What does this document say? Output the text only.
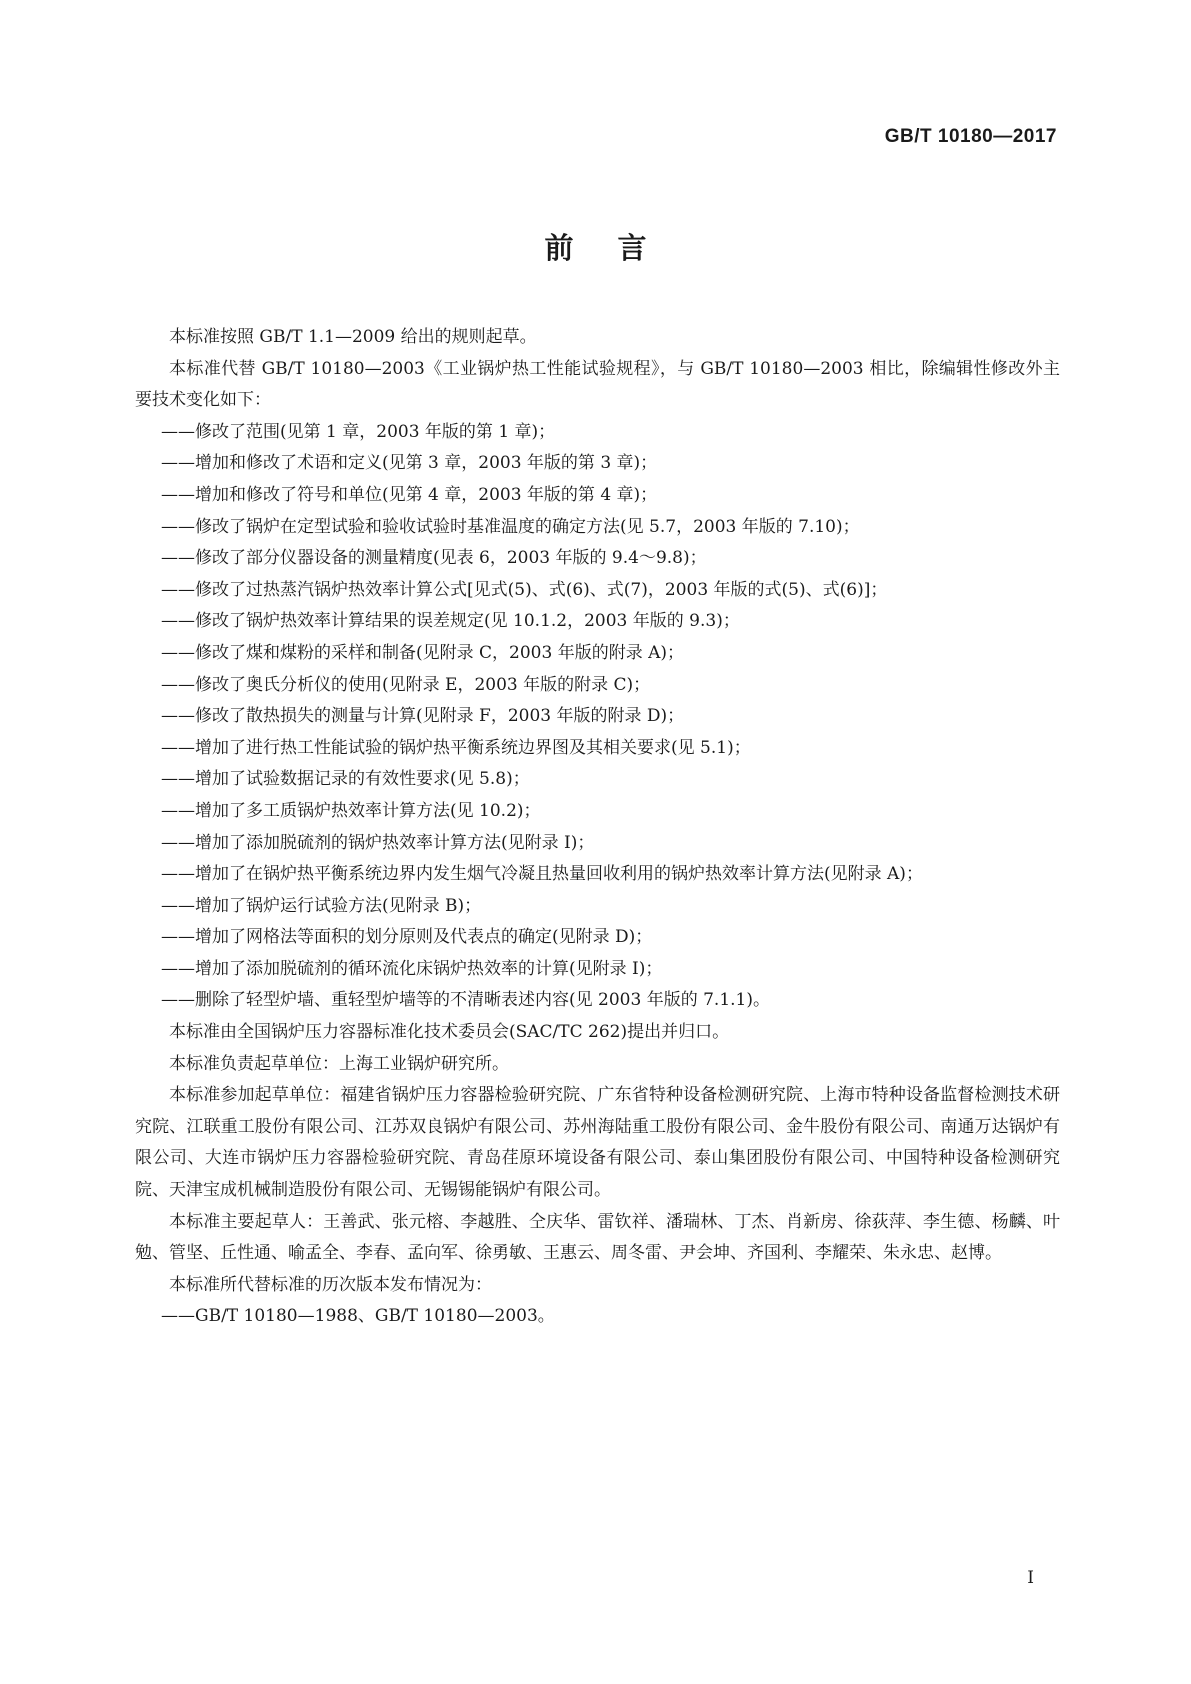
GB/T 10180—2017
前言

本标准按照 GB/T 1.1—2009 给出的规则起草。

本标准代替 GB/T 10180—2003《工业锅炉热工性能试验规程》，与 GB/T 10180—2003 相比，除编辑性修改外主要技术变化如下：

——修改了范围(见第 1 章，2003 年版的第 1 章)；

——增加和修改了术语和定义(见第 3 章，2003 年版的第 3 章)；

——增加和修改了符号和单位(见第 4 章，2003 年版的第 4 章)；

——修改了锅炉在定型试验和验收试验时基准温度的确定方法(见 5.7，2003 年版的 7.10)；

——修改了部分仪器设备的测量精度(见表 6，2003 年版的 9.4～9.8)；

——修改了过热蒸汽锅炉热效率计算公式[见式(5)、式(6)、式(7)，2003 年版的式(5)、式(6)]；

——修改了锅炉热效率计算结果的误差规定(见 10.1.2，2003 年版的 9.3)；

——修改了煤和煤粉的采样和制备(见附录 C，2003 年版的附录 A)；

——修改了奥氏分析仪的使用(见附录 E，2003 年版的附录 C)；

——修改了散热损失的测量与计算(见附录 F，2003 年版的附录 D)；

——增加了进行热工性能试验的锅炉热平衡系统边界图及其相关要求(见 5.1)；

——增加了试验数据记录的有效性要求(见 5.8)；

——增加了多工质锅炉热效率计算方法(见 10.2)；

——增加了添加脱硫剂的锅炉热效率计算方法(见附录 I)；

——增加了在锅炉热平衡系统边界内发生烟气冷凝且热量回收利用的锅炉热效率计算方法(见附录 A)；

——增加了锅炉运行试验方法(见附录 B)；

——增加了网格法等面积的划分原则及代表点的确定(见附录 D)；

——增加了添加脱硫剂的循环流化床锅炉热效率的计算(见附录 I)；

——删除了轻型炉墙、重轻型炉墙等的不清晰表述内容(见 2003 年版的 7.1.1)。

本标准由全国锅炉压力容器标准化技术委员会(SAC/TC 262)提出并归口。

本标准负责起草单位：上海工业锅炉研究所。

本标准参加起草单位：福建省锅炉压力容器检验研究院、广东省特种设备检测研究院、上海市特种设备监督检测技术研究院、江联重工股份有限公司、江苏双良锅炉有限公司、苏州海陆重工股份有限公司、金牛股份有限公司、南通万达锅炉有限公司、大连市锅炉压力容器检验研究院、青岛荏原环境设备有限公司、泰山集团股份有限公司、中国特种设备检测研究院、天津宝成机械制造股份有限公司、无锡锡能锅炉有限公司。

本标准主要起草人：王善武、张元榕、李越胜、仝庆华、雷钦祥、潘瑞林、丁杰、肖新房、徐荻萍、李生德、杨麟、叶勉、管坚、丘性通、喻孟全、李春、孟向军、徐勇敏、王惠云、周冬雷、尹会坤、齐国利、李耀荣、朱永忠、赵博。

本标准所代替标准的历次版本发布情况为：

——GB/T 10180—1988、GB/T 10180—2003。

I
